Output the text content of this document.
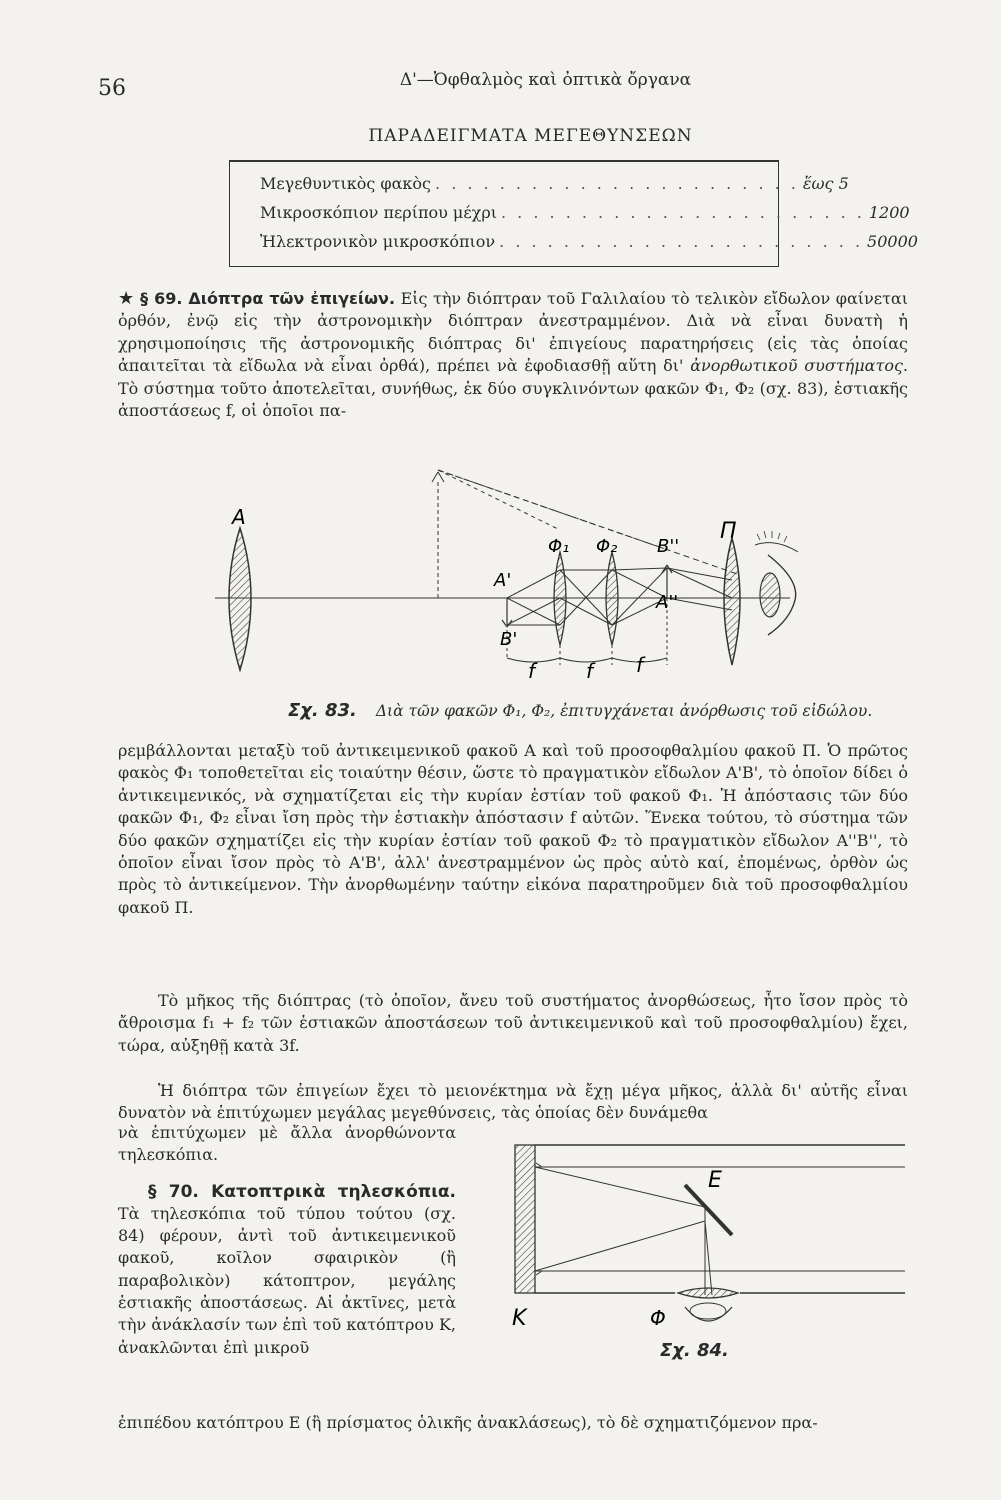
56	Δ'—Ὀφθαλμὸς καὶ ὀπτικὰ ὄργανα
ΠΑΡΑΔΕΙΓΜΑΤΑ ΜΕΓΕΘΥΝΣΕΩΝ
Μεγεθυντικὸς φακὸς . . . . . . . . . . . . . . . . . . . . . . . ἕως 5
Μικροσκόπιον περίπου μέχρι . . . . . . . . . . . . . . . . . . . . . . . 1200
Ἠλεκτρονικὸν μικροσκόπιον . . . . . . . . . . . . . . . . . . . . . . . 50000

★ § 69. Διόπτρα τῶν ἐπιγείων. Εἰς τὴν διόπτραν τοῦ Γαλιλαίου τὸ τελικὸν εἴδωλον φαίνεται ὀρθόν, ἐνῷ εἰς τὴν ἀστρονομικὴν διόπτραν ἀνεστραμμένον. Διὰ νὰ εἶναι δυνατὴ ἡ χρησιμοποίησις τῆς ἀστρονομικῆς διόπτρας δι' ἐπιγείους παρατηρήσεις (εἰς τὰς ὁποίας ἀπαιτεῖται τὰ εἴδωλα νὰ εἶναι ὀρθά), πρέπει νὰ ἐφοδιασθῇ αὕτη δι' ἀνορθωτικοῦ συστήματος. Τὸ σύστημα τοῦτο ἀποτελεῖται, συνήθως, ἐκ δύο συγκλινόντων φακῶν Φ₁, Φ₂ (σχ. 83), ἑστιακῆς ἀποστάσεως f, οἱ ὁποῖοι πα-

A
A'
B'
Φ₁ Φ₂ B''
A''
Π
f	f f
Σχ. 83. Διὰ τῶν φακῶν Φ₁, Φ₂, ἐπιτυγχάνεται ἀνόρθωσις τοῦ εἰδώλου.

ρεμβάλλονται μεταξὺ τοῦ ἀντικειμενικοῦ φακοῦ Α καὶ τοῦ προσοφθαλμίου φακοῦ Π. Ὁ πρῶτος φακὸς Φ₁ τοποθετεῖται εἰς τοιαύτην θέσιν, ὥστε τὸ πραγματικὸν εἴδωλον Α'Β', τὸ ὁποῖον δίδει ὁ ἀντικειμενικός, νὰ σχηματίζεται εἰς τὴν κυρίαν ἑστίαν τοῦ φακοῦ Φ₁. Ἡ ἀπόστασις τῶν δύο φακῶν Φ₁, Φ₂ εἶναι ἴση πρὸς τὴν ἑστιακὴν ἀπόστασιν f αὐτῶν. Ἕνεκα τούτου, τὸ σύστημα τῶν δύο φακῶν σχηματίζει εἰς τὴν κυρίαν ἑστίαν τοῦ φακοῦ Φ₂ τὸ πραγματικὸν εἴδωλον Α''Β'', τὸ ὁποῖον εἶναι ἴσον πρὸς τὸ Α'Β', ἀλλ' ἀνεστραμμένον ὡς πρὸς αὐτὸ καί, ἐπομένως, ὀρθὸν ὡς πρὸς τὸ ἀντικείμενον. Τὴν ἀνορθωμένην ταύτην εἰκόνα παρατηροῦμεν διὰ τοῦ προσοφθαλμίου φακοῦ Π.

Τὸ μῆκος τῆς διόπτρας (τὸ ὁποῖον, ἄνευ τοῦ συστήματος ἀνορθώσεως, ἦτο ἴσον πρὸς τὸ ἄθροισμα f₁ + f₂ τῶν ἑστιακῶν ἀποστάσεων τοῦ ἀντικειμενικοῦ καὶ τοῦ προσοφθαλμίου) ἔχει, τώρα, αὐξηθῇ κατὰ 3f.

Ἡ διόπτρα τῶν ἐπιγείων ἔχει τὸ μειονέκτημα νὰ ἔχῃ μέγα μῆκος, ἀλλὰ δι' αὐτῆς εἶναι δυνατὸν νὰ ἐπιτύχωμεν μεγάλας μεγεθύνσεις, τὰς ὁποίας δὲν δυνάμεθα

νὰ ἐπιτύχωμεν μὲ ἄλλα ἀνορθώνοντα τηλεσκόπια.

§ 70. Κατοπτρικὰ τηλεσκόπια. Τὰ τηλεσκόπια τοῦ τύπου τούτου (σχ. 84) φέρουν, ἀντὶ τοῦ ἀντικειμενικοῦ φακοῦ, κοῖλον σφαιρικὸν (ἢ παραβολικὸν) κάτοπτρον, μεγάλης ἑστιακῆς ἀποστάσεως. Αἱ ἀκτῖνες, μετὰ τὴν ἀνάκλασίν των ἐπὶ τοῦ κατόπτρου Κ, ἀνακλῶνται ἐπὶ μικροῦ

ἐπιπέδου κατόπτρου Ε (ἢ πρίσματος ὁλικῆς ἀνακλάσεως), τὸ δὲ σχηματιζόμενον πρα-

E
K	Φ
Σχ. 84.
